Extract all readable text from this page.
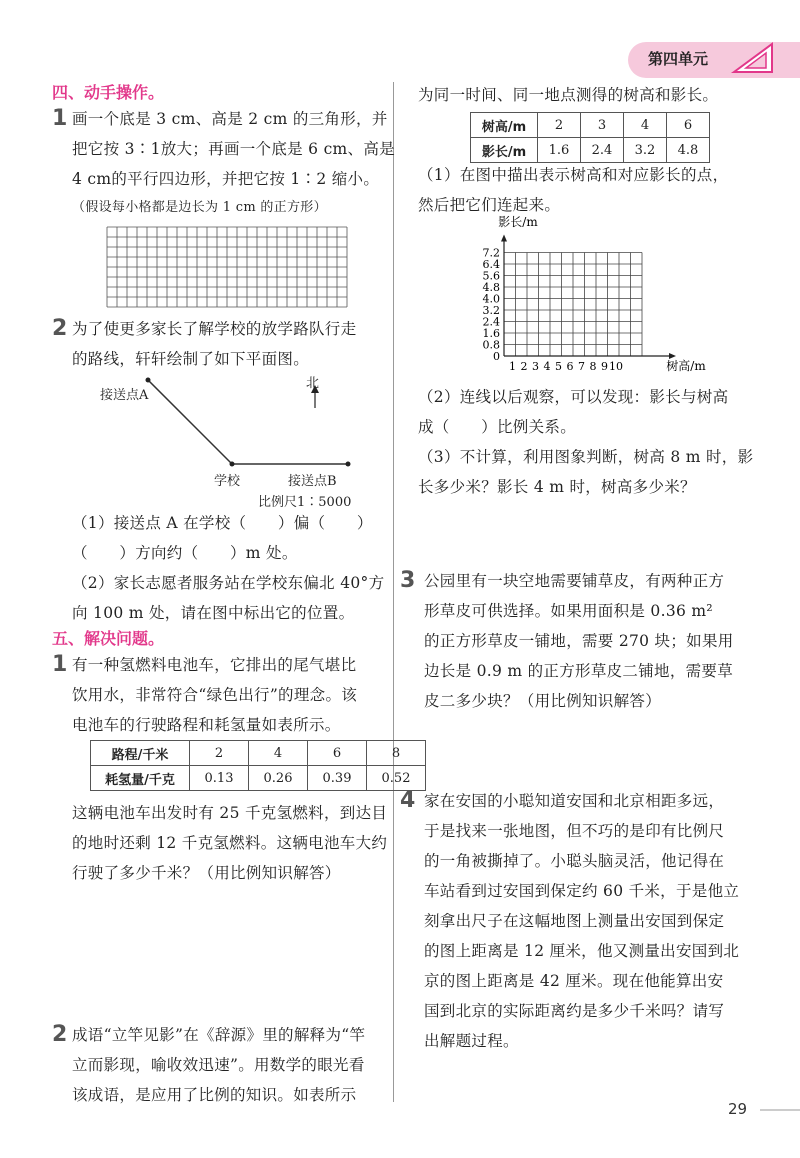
第四单元
四、动手操作。
1 画一个底是 3 cm、高是 2 cm 的三角形，并
把它按 3∶1放大；再画一个底是 6 cm、高是
4 cm的平行四边形，并把它按 1∶2 缩小。
（假设每小格都是边长为 1 cm 的正方形）
2 为了使更多家长了解学校的放学路队行走
的路线，轩轩绘制了如下平面图。
接送点A
北
学校	接送点B
比例尺1∶5000
（1）接送点 A 在学校（　　）偏（　　）
（　　）方向约（　　）m 处。
（2）家长志愿者服务站在学校东偏北 40°方
向 100 m 处，请在图中标出它的位置。
五、解决问题。
1 有一种氢燃料电池车，它排出的尾气堪比
饮用水，非常符合“绿色出行”的理念。该
电池车的行驶路程和耗氢量如表所示。
路程/千米	2	4	6	8
耗氢量/千克	0.13	0.26	0.39	0.52
这辆电池车出发时有 25 千克氢燃料，到达目
的地时还剩 12 千克氢燃料。这辆电池车大约
行驶了多少千米？（用比例知识解答）
2 成语“立竿见影”在《辞源》里的解释为“竿
立而影现，喻收效迅速”。用数学的眼光看
该成语，是应用了比例的知识。如表所示
为同一时间、同一地点测得的树高和影长。
树高/m	2	3	4	6
影长/m	1.6	2.4	3.2	4.8
（1）在图中描出表示树高和对应影长的点，
然后把它们连起来。
7.2
6.4
5.6
4.8
4.0
3.2
2.4
1.6
0.8
0
1 2 3 4 5 6 7 8 9 10
影长/m
树高/m
（2）连线以后观察，可以发现：影长与树高
成（　　）比例关系。
（3）不计算，利用图象判断，树高 8 m 时，影
长多少米？影长 4 m 时，树高多少米？
3 公园里有一块空地需要铺草皮，有两种正方
形草皮可供选择。如果用面积是 0.36 m²
的正方形草皮一铺地，需要 270 块；如果用
边长是 0.9 m 的正方形草皮二铺地，需要草
皮二多少块？（用比例知识解答）
4 家在安国的小聪知道安国和北京相距多远，
于是找来一张地图，但不巧的是印有比例尺
的一角被撕掉了。小聪头脑灵活，他记得在
车站看到过安国到保定约 60 千米，于是他立
刻拿出尺子在这幅地图上测量出安国到保定
的图上距离是 12 厘米，他又测量出安国到北
京的图上距离是 42 厘米。现在他能算出安
国到北京的实际距离约是多少千米吗？请写
出解题过程。
29
